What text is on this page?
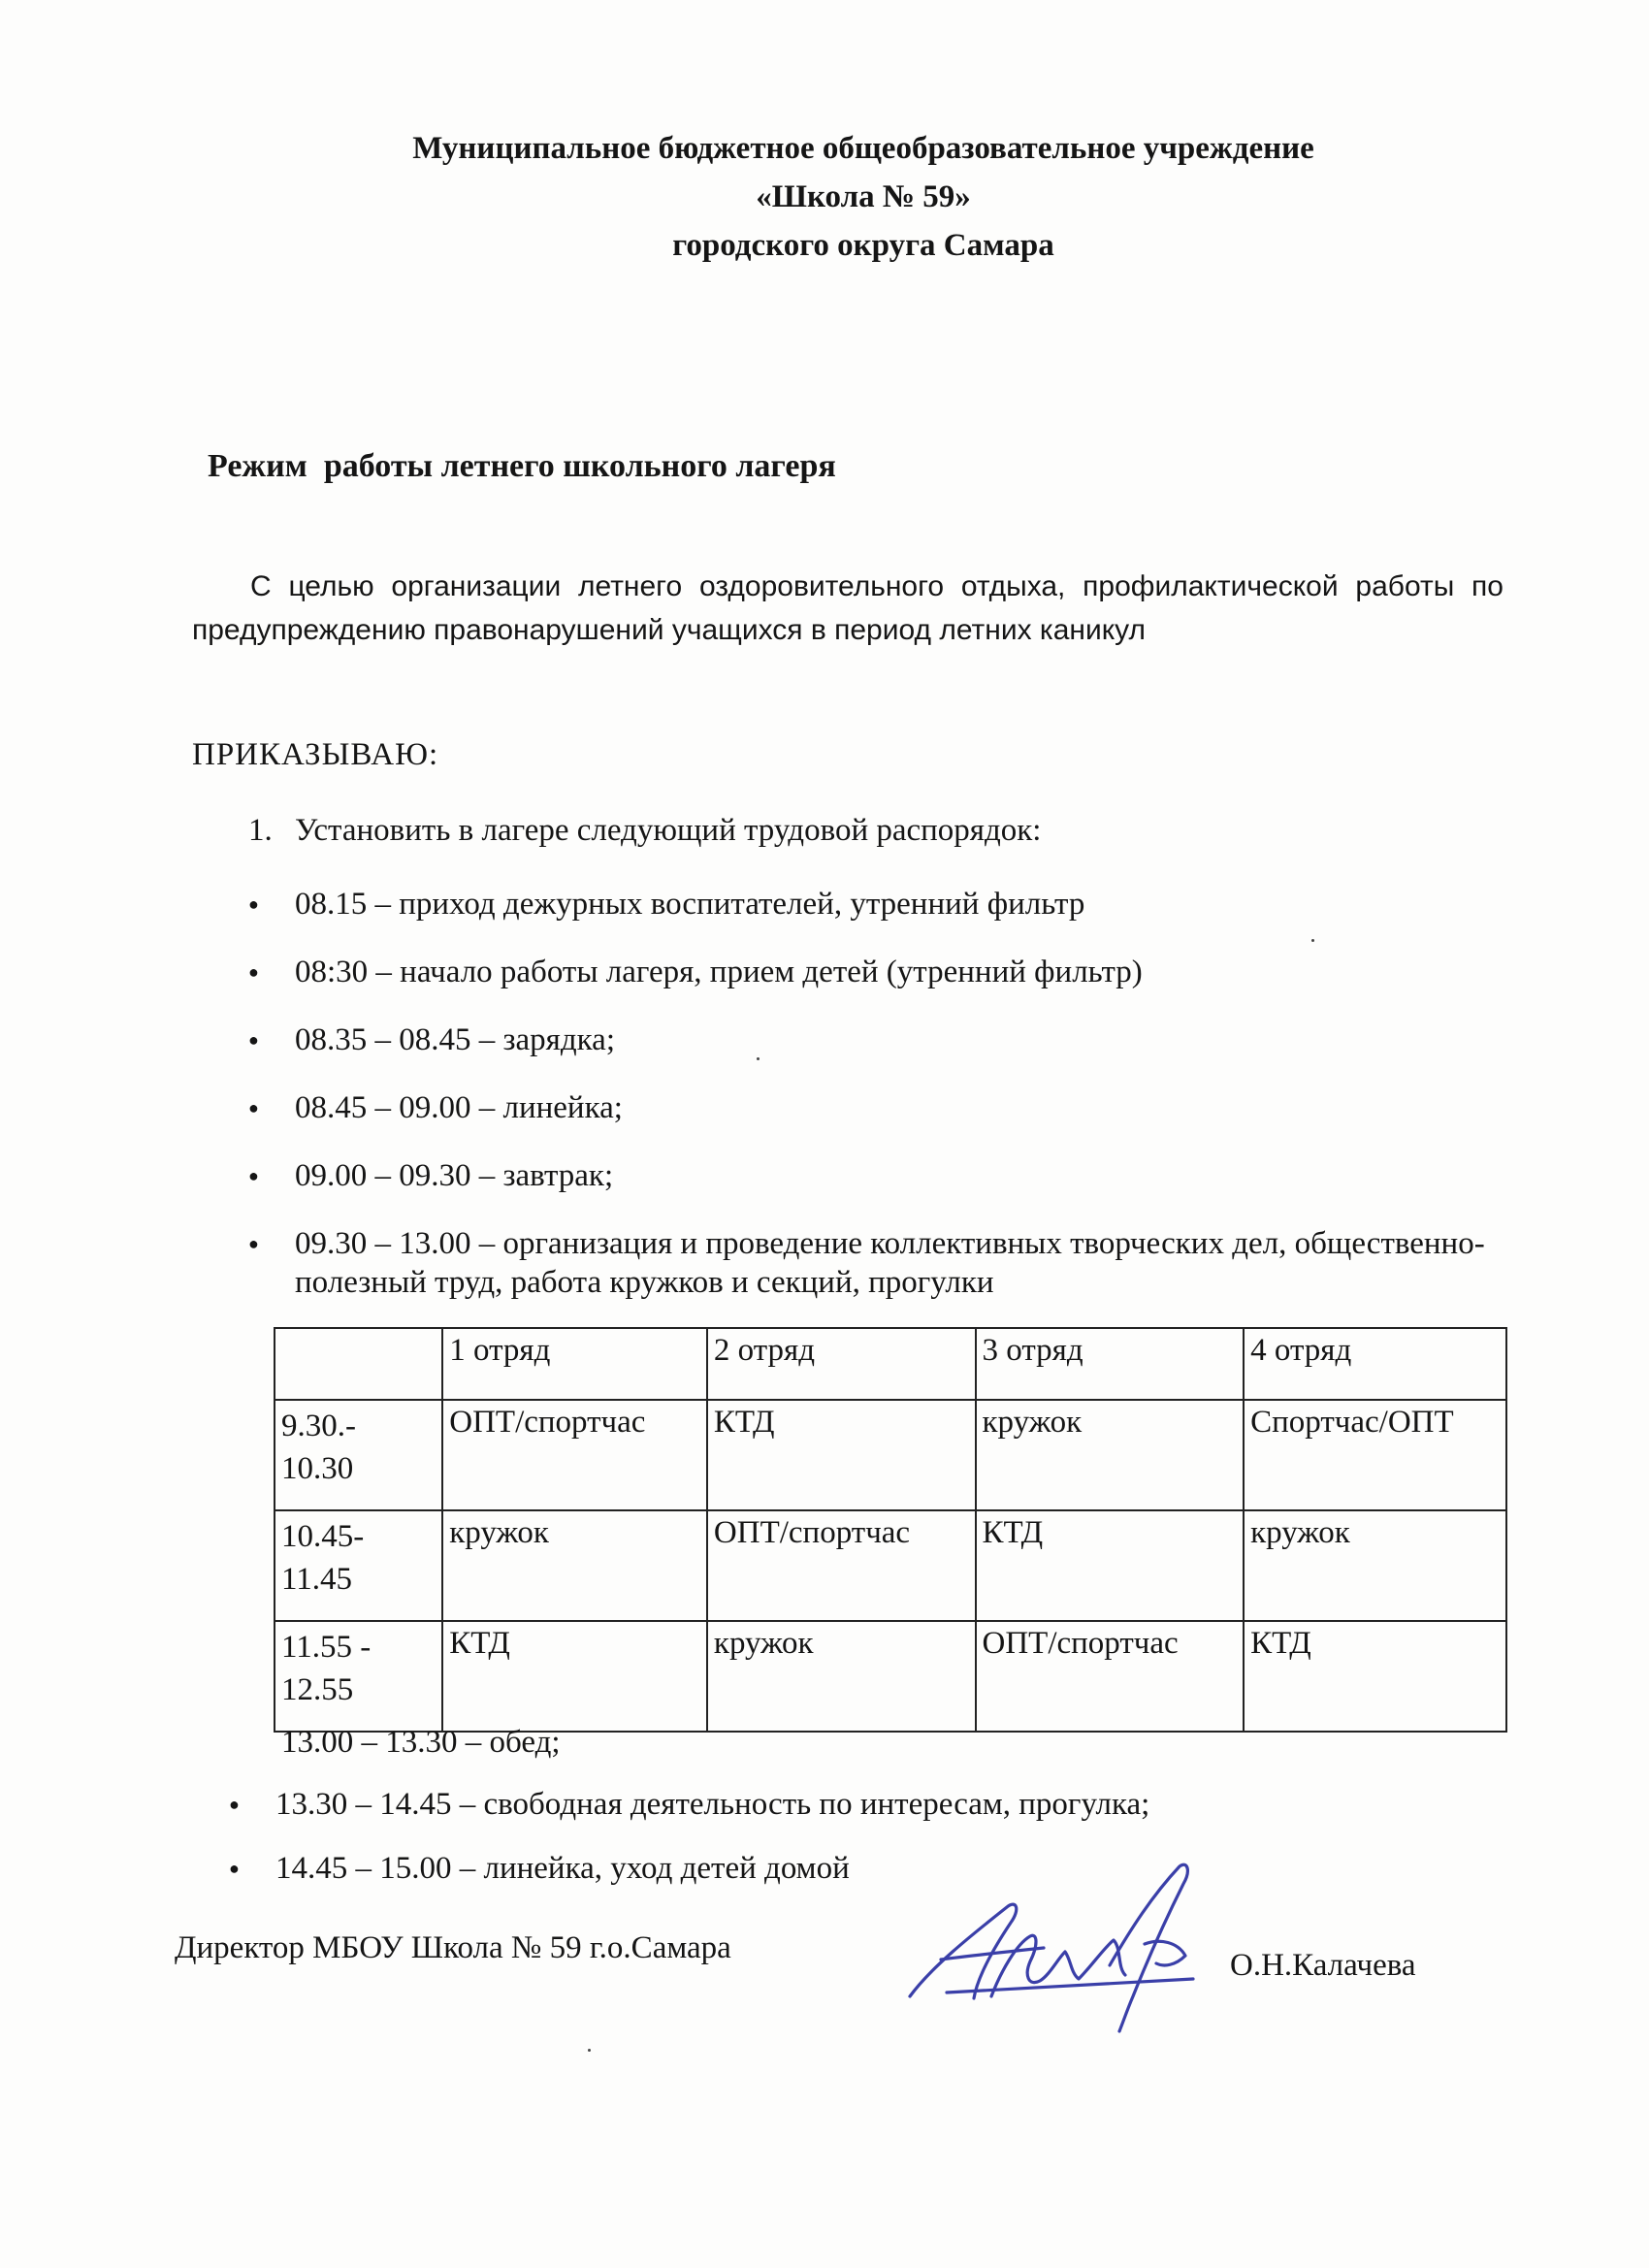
Муниципальное бюджетное общеобразовательное учреждение
«Школа № 59»
городского округа Самара
Режим  работы летнего школьного лагеря

С целью организации летнего оздоровительного отдыха, профилактической работы по предупреждению правонарушений учащихся в период летних каникул

ПРИКАЗЫВАЮ:
1. Установить в лагере следующий трудовой распорядок:
● 08.15 – приход дежурных воспитателей, утренний фильтр
● 08:30 – начало работы лагеря, прием детей (утренний фильтр)
● 08.35 – 08.45 – зарядка;
● 08.45 – 09.00 – линейка;
● 09.00 – 09.30 – завтрак;
● 09.30 – 13.00 – организация и проведение коллективных творческих дел, общественно-полезный труд, работа кружков и секций, прогулки
	1 отряд	2 отряд	3 отряд	4 отряд
9.30.-
10.30	ОПТ/спортчас	КТД	кружок	Спортчас/ОПТ
10.45-
11.45	кружок	ОПТ/спортчас	КТД	кружок
11.55 -
12.55	КТД	кружок	ОПТ/спортчас	КТД
13.00 – 13.30 – обед;
● 13.30 – 14.45 – свободная деятельность по интересам, прогулка;
● 14.45 – 15.00 – линейка, уход детей домой
Директор МБОУ Школа № 59 г.о.Самара	О.Н.Калачева
